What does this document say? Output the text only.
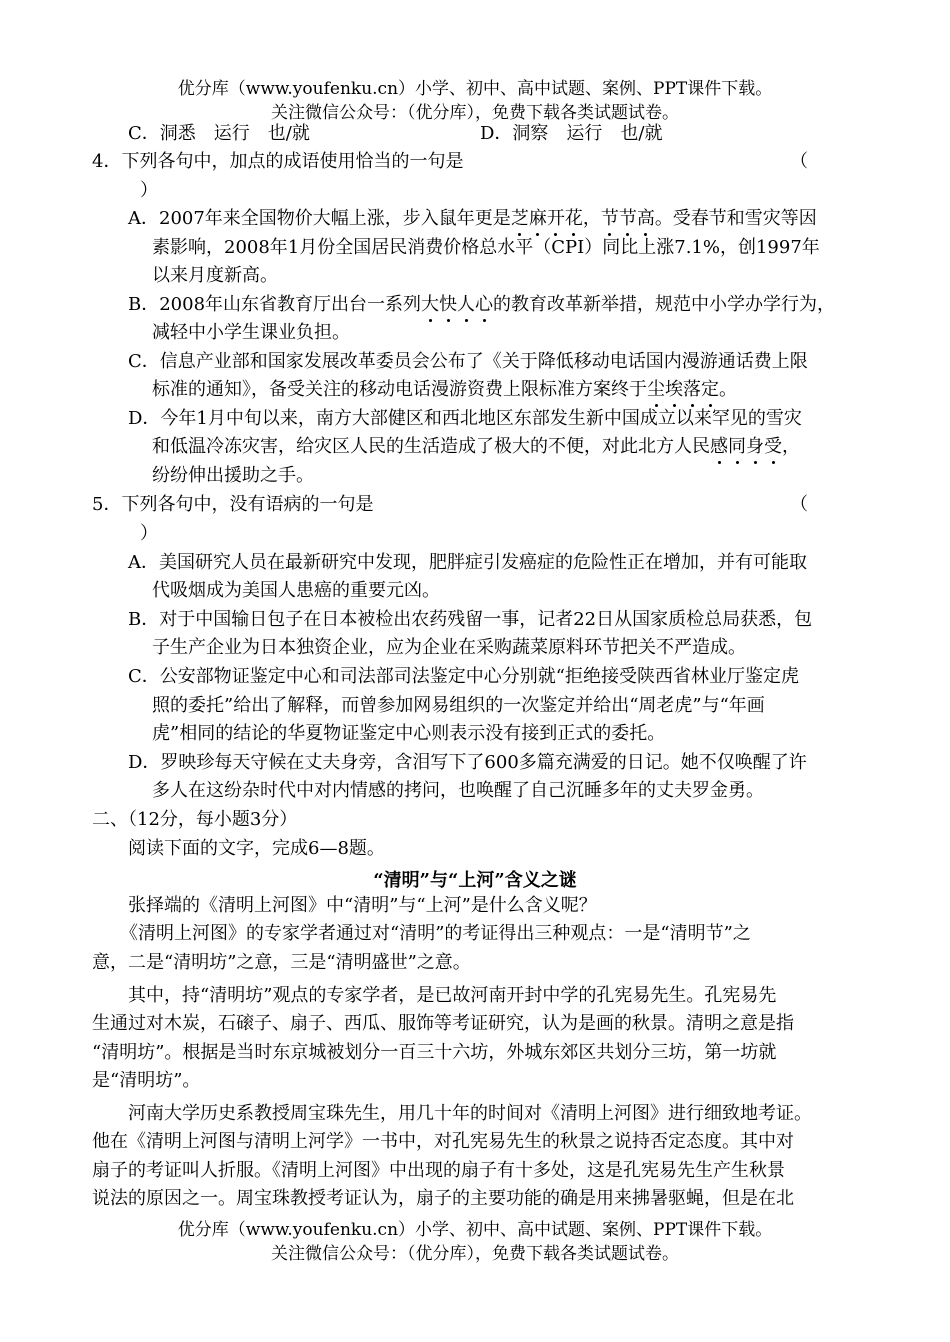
优分库（www.youfenku.cn）小学、初中、高中试题、案例、PPT课件下载。
关注微信公众号：（优分库），免费下载各类试题试卷。
C．洞悉　运行　也/就	D．洞察　运行　也/就
4．下列各句中，加点的成语使用恰当的一句是	（
）
A．2007年来全国物价大幅上涨，步入鼠年更是芝麻开花，节节高。受春节和雪灾等因
素影响，2008年1月份全国居民消费价格总水平（CPI）同比上涨7.1%，创1997年
以来月度新高。
B．2008年山东省教育厅出台一系列大快人心的教育改革新举措，规范中小学办学行为，
减轻中小学生课业负担。
C．信息产业部和国家发展改革委员会公布了《关于降低移动电话国内漫游通话费上限
标准的通知》，备受关注的移动电话漫游资费上限标准方案终于尘埃落定。
D．今年1月中旬以来，南方大部健区和西北地区东部发生新中国成立以来罕见的雪灾
和低温冷冻灾害，给灾区人民的生活造成了极大的不便，对此北方人民感同身受，
纷纷伸出援助之手。
5．下列各句中，没有语病的一句是	（
）
A．美国研究人员在最新研究中发现，肥胖症引发癌症的危险性正在增加，并有可能取
代吸烟成为美国人患癌的重要元凶。
B．对于中国输日包子在日本被检出农药残留一事，记者22日从国家质检总局获悉，包
子生产企业为日本独资企业，应为企业在采购蔬菜原料环节把关不严造成。
C．公安部物证鉴定中心和司法部司法鉴定中心分别就“拒绝接受陕西省林业厅鉴定虎
照的委托”给出了解释，而曾参加网易组织的一次鉴定并给出“周老虎”与“年画
虎”相同的结论的华夏物证鉴定中心则表示没有接到正式的委托。
D．罗映珍每天守候在丈夫身旁，含泪写下了600多篇充满爱的日记。她不仅唤醒了许
多人在这纷杂时代中对内情感的拷问，也唤醒了自己沉睡多年的丈夫罗金勇。
二、（12分，每小题3分）
阅读下面的文字，完成6—8题。
“清明”与“上河”含义之谜
张择端的《清明上河图》中“清明”与“上河”是什么含义呢？
《清明上河图》的专家学者通过对“清明”的考证得出三种观点：一是“清明节”之
意，二是“清明坊”之意，三是“清明盛世”之意。
其中，持“清明坊”观点的专家学者，是已故河南开封中学的孔宪易先生。孔宪易先
生通过对木炭，石磙子、扇子、西瓜、服饰等考证研究，认为是画的秋景。清明之意是指
“清明坊”。根据是当时东京城被划分一百三十六坊，外城东郊区共划分三坊，第一坊就
是“清明坊”。
河南大学历史系教授周宝珠先生，用几十年的时间对《清明上河图》进行细致地考证。
他在《清明上河图与清明上河学》一书中，对孔宪易先生的秋景之说持否定态度。其中对
扇子的考证叫人折服。《清明上河图》中出现的扇子有十多处，这是孔宪易先生产生秋景
说法的原因之一。周宝珠教授考证认为，扇子的主要功能的确是用来拂暑驱蝇，但是在北
优分库（www.youfenku.cn）小学、初中、高中试题、案例、PPT课件下载。
关注微信公众号：（优分库），免费下载各类试题试卷。
